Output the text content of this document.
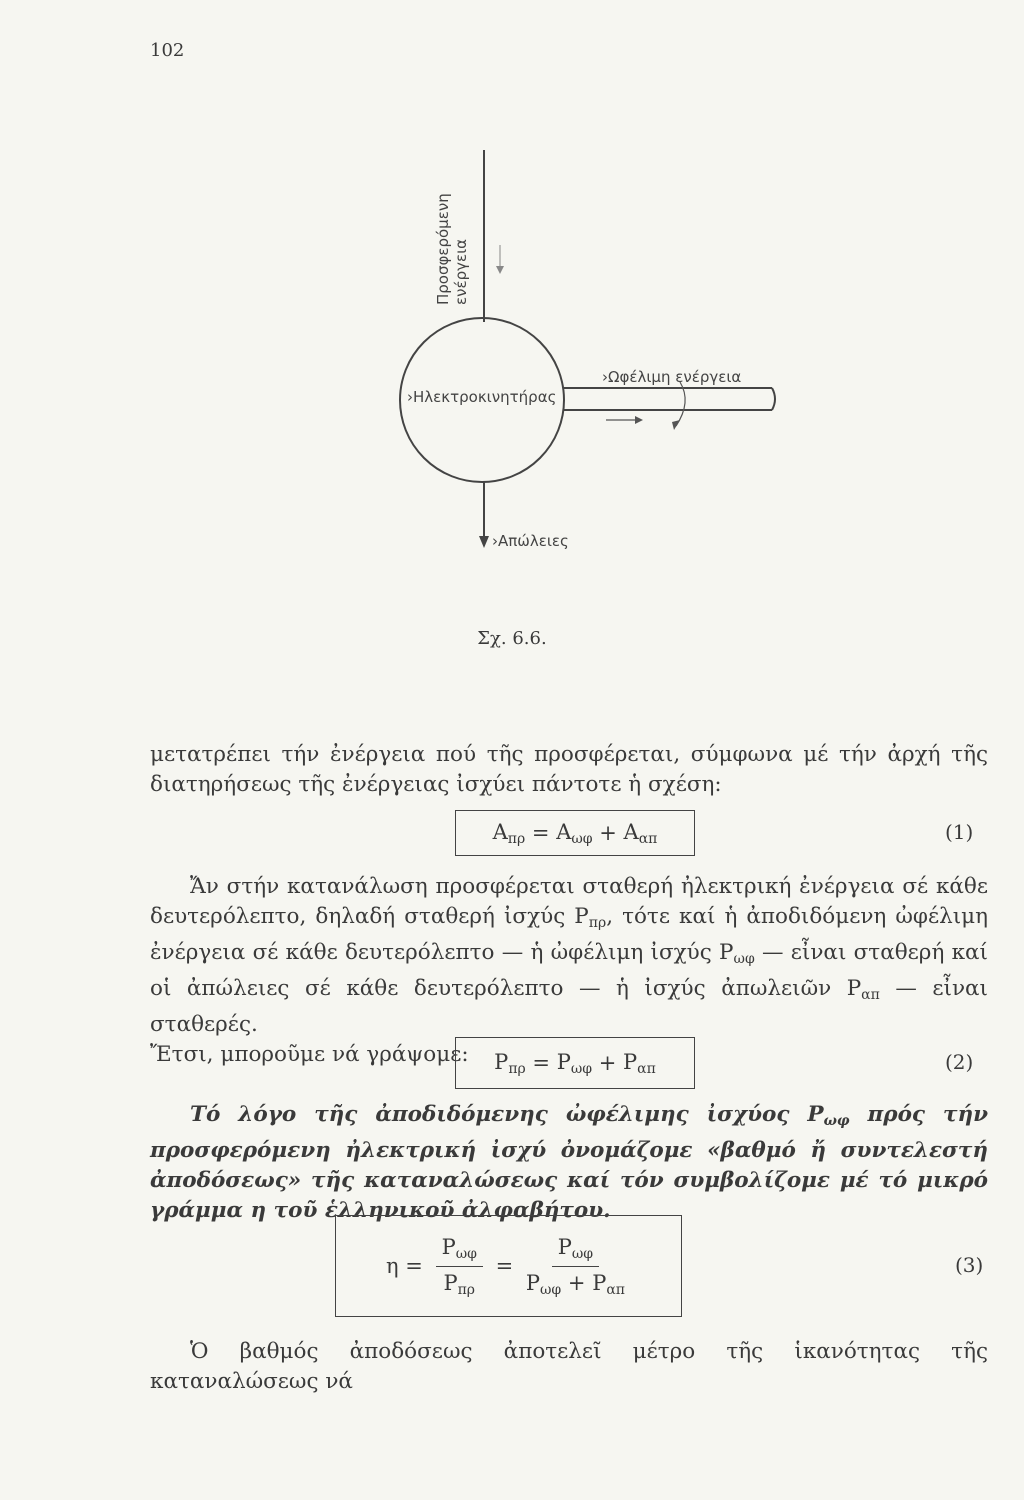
102
Προσφερόμενη ενέργεια
›Ηλεκτροκινητήρας
›Ωφέλιμη ενέργεια
›Απώλειες
Σχ. 6.6.

μετατρέπει τήν ἐνέργεια πού τῆς προσφέρεται, σύμφωνα μέ τήν ἀρχή τῆς διατηρήσεως τῆς ἐνέργειας ἰσχύει πάντοτε ἡ σχέση:

$A_{\pi\rho} = A_{\omega\varphi} + A_{\alpha\pi}$	(1)

Ἄν στήν κατανάλωση προσφέρεται σταθερή ἠλεκτρική ἐνέργεια σέ κάθε δευτερόλεπτο, δηλαδή σταθερή ἰσχύς $P_{\pi\rho}$, τότε καί ἡ ἀποδιδόμενη ὠφέλιμη ἐνέργεια σέ κάθε δευτερόλεπτο — ἡ ὠφέλιμη ἰσχύς $P_{\omega\varphi}$ — εἶναι σταθερή καί οἱ ἀπώλειες σέ κάθε δευτερόλεπτο — ἡ ἰσχύς ἀπωλειῶν $P_{\alpha\pi}$ — εἶναι σταθερές.

Ἔτσι, μποροῦμε νά γράψομε:	$P_{\pi\rho} = P_{\omega\varphi} + P_{\alpha\pi}$	(2)

Τό λόγο τῆς ἀποδιδόμενης ὠφέλιμης ἰσχύος $P_{\omega\varphi}$ πρός τήν προσφερόμενη ἠλεκτρική ἰσχύ ὀνομάζομε «βαθμό ἤ συντελεστή ἀποδόσεως» τῆς καταναλώσεως καί τόν συμβολίζομε μέ τό μικρό γράμμα η τοῦ ἑλληνικοῦ ἀλφαβήτου.

$\eta = \frac{P_{\omega\varphi}}{P_{\pi\rho}} = \frac{P_{\omega\varphi}}{P_{\omega\varphi} + P_{\alpha\pi}}$	(3)

Ὁ βαθμός ἀποδόσεως ἀποτελεῖ μέτρο τῆς ἱκανότητας τῆς καταναλώσεως νά
